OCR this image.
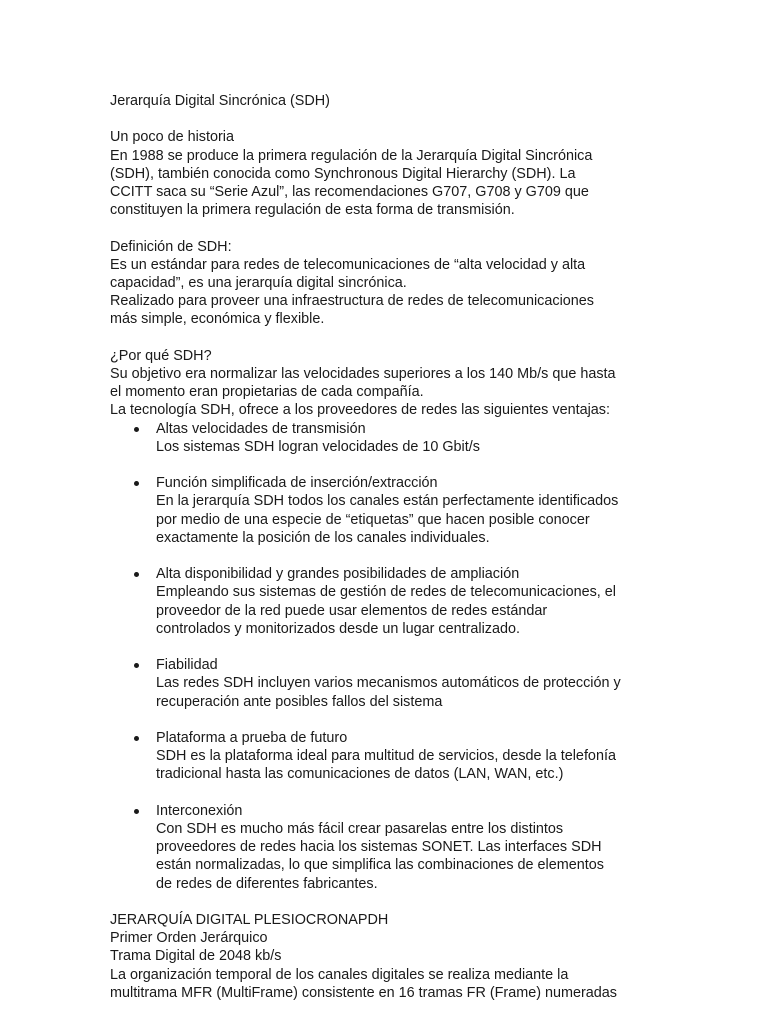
Jerarquía Digital Sincrónica (SDH)

Un poco de historia

En 1988 se produce la primera regulación de la Jerarquía Digital Sincrónica

(SDH), también conocida como Synchronous Digital Hierarchy (SDH). La

CCITT saca su “Serie Azul”, las recomendaciones G707, G708 y G709 que

constituyen la primera regulación de esta forma de transmisión.

Definición de SDH:

Es un estándar para redes de telecomunicaciones de “alta velocidad y alta

capacidad”, es una jerarquía digital sincrónica.

Realizado para proveer una infraestructura de redes de telecomunicaciones

más simple, económica y flexible.

¿Por qué SDH?

Su objetivo era normalizar las velocidades superiores a los 140 Mb/s que hasta

el momento eran propietarias de cada compañía.

La tecnología SDH, ofrece a los proveedores de redes las siguientes ventajas:

Altas velocidades de transmisión

Los sistemas SDH logran velocidades de 10 Gbit/s

Función simplificada de inserción/extracción

En la jerarquía SDH todos los canales están perfectamente identificados

por medio de una especie de “etiquetas” que hacen posible conocer

exactamente la posición de los canales individuales.

Alta disponibilidad y grandes posibilidades de ampliación

Empleando sus sistemas de gestión de redes de telecomunicaciones, el

proveedor de la red puede usar elementos de redes estándar

controlados y monitorizados desde un lugar centralizado.

Fiabilidad

Las redes SDH incluyen varios mecanismos automáticos de protección y

recuperación ante posibles fallos del sistema

Plataforma a prueba de futuro

SDH es la plataforma ideal para multitud de servicios, desde la telefonía

tradicional hasta las comunicaciones de datos (LAN, WAN, etc.)

Interconexión

Con SDH es mucho más fácil crear pasarelas entre los distintos

proveedores de redes hacia los sistemas SONET. Las interfaces SDH

están normalizadas, lo que simplifica las combinaciones de elementos

de redes de diferentes fabricantes.

JERARQUÍA DIGITAL PLESIOCRONAPDH

Primer Orden Jerárquico

Trama Digital de 2048 kb/s

La organización temporal de los canales digitales se realiza mediante la

multitrama MFR (MultiFrame) consistente en 16 tramas FR (Frame) numeradas
